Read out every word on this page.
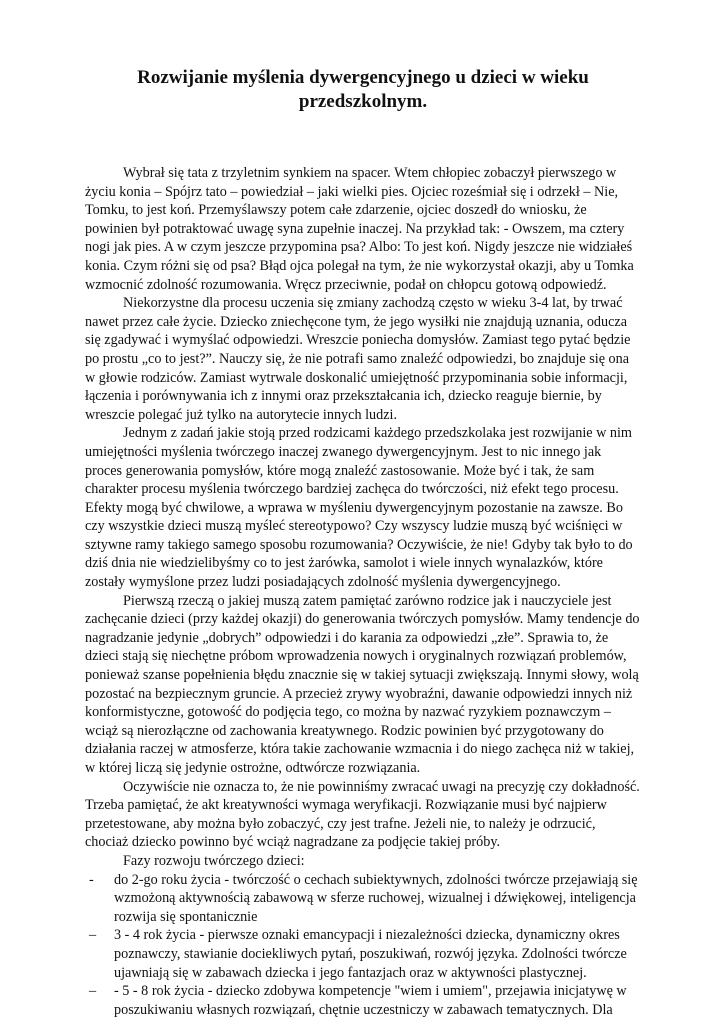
Rozwijanie myślenia dywergencyjnego u dzieci w wieku
przedszkolnym.

Wybrał się tata z trzyletnim synkiem na spacer. Wtem chłopiec zobaczył pierwszego w życiu konia – Spójrz tato – powiedział – jaki wielki pies. Ojciec roześmiał się i odrzekł – Nie, Tomku, to jest koń. Przemyślawszy potem całe zdarzenie, ojciec doszedł do wniosku, że powinien był potraktować uwagę syna zupełnie inaczej. Na przykład tak: - Owszem, ma cztery nogi jak pies. A w czym jeszcze przypomina psa? Albo: To jest koń. Nigdy jeszcze nie widziałeś konia. Czym różni się od psa? Błąd ojca polegał na tym, że nie wykorzystał okazji, aby u Tomka wzmocnić zdolność rozumowania. Wręcz przeciwnie, podał on chłopcu gotową odpowiedź.

Niekorzystne dla procesu uczenia się zmiany zachodzą często w wieku 3-4 lat, by trwać nawet przez całe życie. Dziecko zniechęcone tym, że jego wysiłki nie znajdują uznania, oducza się zgadywać i wymyślać odpowiedzi. Wreszcie poniecha domysłów. Zamiast tego pytać będzie po prostu „co to jest?”. Nauczy się, że nie potrafi samo znaleźć odpowiedzi, bo znajduje się ona w głowie rodziców. Zamiast wytrwale doskonalić umiejętność przypominania sobie informacji, łączenia i porównywania ich z innymi oraz przekształcania ich, dziecko reaguje biernie, by wreszcie polegać już tylko na autorytecie innych ludzi.

Jednym z zadań jakie stoją przed rodzicami każdego przedszkolaka jest rozwijanie w nim umiejętności myślenia twórczego inaczej zwanego dywergencyjnym. Jest to nic innego jak proces generowania pomysłów, które mogą znaleźć zastosowanie. Może być i tak, że sam charakter procesu myślenia twórczego bardziej zachęca do twórczości, niż efekt tego procesu. Efekty mogą być chwilowe, a wprawa w myśleniu dywergencyjnym pozostanie na zawsze. Bo czy wszystkie dzieci muszą myśleć stereotypowo? Czy wszyscy ludzie muszą być wciśnięci w sztywne ramy takiego samego sposobu rozumowania? Oczywiście, że nie! Gdyby tak było to do dziś dnia nie wiedzielibyśmy co to jest żarówka, samolot i wiele innych wynalazków, które zostały wymyślone przez ludzi posiadających zdolność myślenia dywergencyjnego.

Pierwszą rzeczą o jakiej muszą zatem pamiętać zarówno rodzice jak i nauczyciele jest zachęcanie dzieci (przy każdej okazji) do generowania twórczych pomysłów. Mamy tendencje do nagradzanie jedynie „dobrych” odpowiedzi i do karania za odpowiedzi „złe”. Sprawia to, że dzieci stają się niechętne próbom wprowadzenia nowych i oryginalnych rozwiązań problemów, ponieważ szanse popełnienia błędu znacznie się w takiej sytuacji zwiększają. Innymi słowy, wolą pozostać na bezpiecznym gruncie. A przecież zrywy wyobraźni, dawanie odpowiedzi innych niż konformistyczne, gotowość do podjęcia tego, co można by nazwać ryzykiem poznawczym – wciąż są nierozłączne od zachowania kreatywnego. Rodzic powinien być przygotowany do działania raczej w atmosferze, która takie zachowanie wzmacnia i do niego zachęca niż w takiej, w której liczą się jedynie ostrożne, odtwórcze rozwiązania.

Oczywiście nie oznacza to, że nie powinniśmy zwracać uwagi na precyzję czy dokładność. Trzeba pamiętać, że akt kreatywności wymaga weryfikacji. Rozwiązanie musi być najpierw przetestowane, aby można było zobaczyć, czy jest trafne. Jeżeli nie, to należy je odrzucić, chociaż dziecko powinno być wciąż nagradzane za podjęcie takiej próby.

Fazy rozwoju twórczego dzieci:

- do 2-go roku życia - twórczość o cechach subiektywnych, zdolności twórcze przejawiają się wzmożoną aktywnością zabawową w sferze ruchowej, wizualnej i dźwiękowej, inteligencja rozwija się spontanicznie
– 3 - 4 rok życia - pierwsze oznaki emancypacji i niezależności dziecka, dynamiczny okres poznawczy, stawianie dociekliwych pytań, poszukiwań, rozwój języka. Zdolności twórcze ujawniają się w zabawach dziecka i jego fantazjach oraz w aktywności plastycznej.
– - 5 - 8 rok życia - dziecko zdobywa kompetencje "wiem i umiem", przejawia inicjatywę w poszukiwaniu własnych rozwiązań, chętnie uczestniczy w zabawach tematycznych. Dla
